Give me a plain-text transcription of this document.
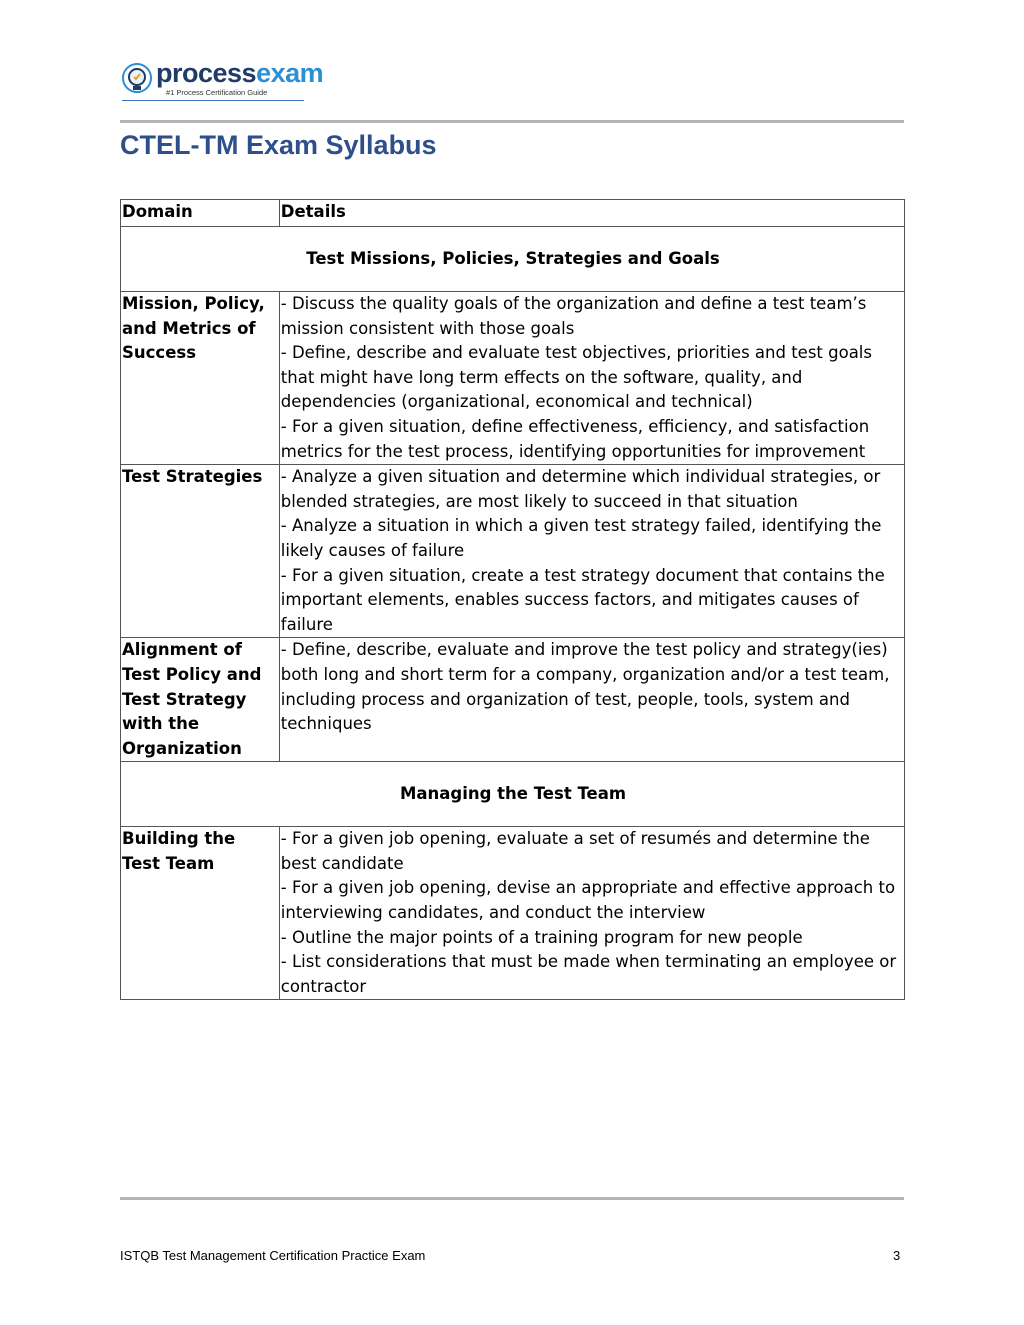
processexam
#1 Process Certification Guide
CTEL-TM Exam Syllabus
Domain	Details
Test Missions, Policies, Strategies and Goals	
Mission, Policy, and Metrics of Success	- Discuss the quality goals of the organization and define a test team’s mission consistent with those goals
- Define, describe and evaluate test objectives, priorities and test goals that might have long term effects on the software, quality, and dependencies (organizational, economical and technical)
- For a given situation, define effectiveness, efficiency, and satisfaction metrics for the test process, identifying opportunities for improvement

Test Strategies	- Analyze a given situation and determine which individual strategies, or blended strategies, are most likely to succeed in that situation
- Analyze a situation in which a given test strategy failed, identifying the likely causes of failure
- For a given situation, create a test strategy document that contains the important elements, enables success factors, and mitigates causes of failure

Alignment of Test Policy and Test Strategy with the Organization	- Define, describe, evaluate and improve the test policy and strategy(ies) both long and short term for a company, organization and/or a test team, including process and organization of test, people, tools, system and techniques

Managing the Test Team	
Building the Test Team	- For a given job opening, evaluate a set of resumés and determine the best candidate
- For a given job opening, devise an appropriate and effective approach to interviewing candidates, and conduct the interview
- Outline the major points of a training program for new people
- List considerations that must be made when terminating an employee or contractor
ISTQB Test Management Certification Practice Exam	3
